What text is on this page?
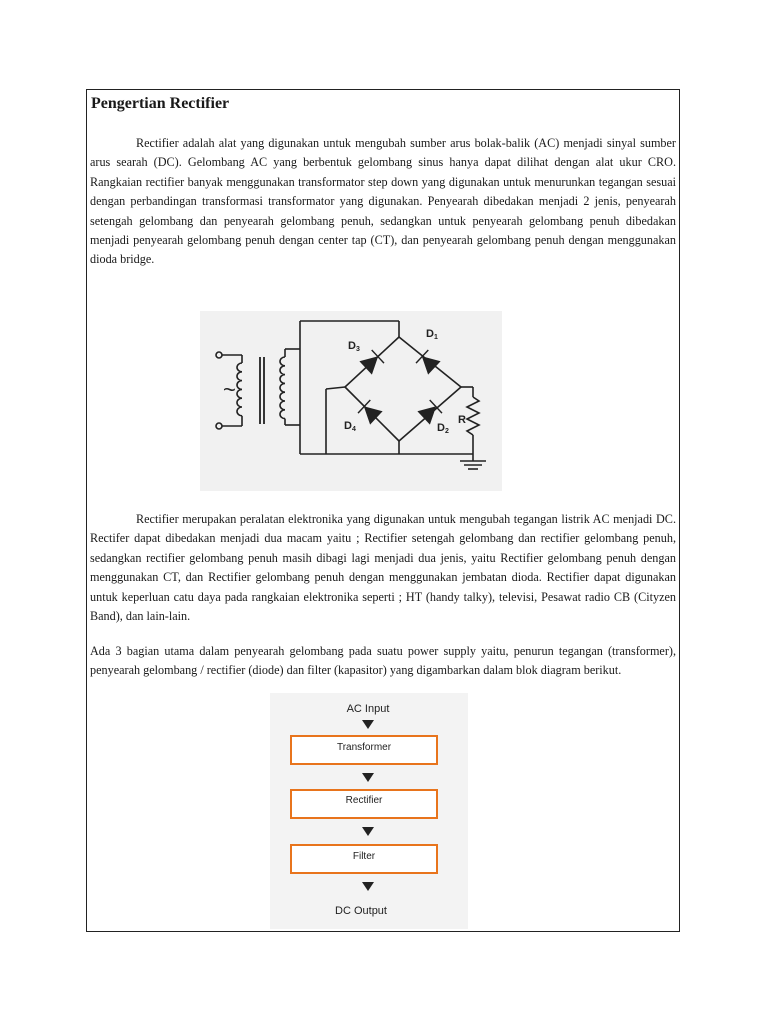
Pengertian Rectifier

Rectifier adalah alat yang digunakan untuk mengubah sumber arus bolak-balik (AC) menjadi sinyal sumber arus searah (DC). Gelombang AC yang berbentuk gelombang sinus hanya dapat dilihat dengan alat ukur CRO. Rangkaian rectifier banyak menggunakan transformator step down yang digunakan untuk menurunkan tegangan sesuai dengan perbandingan transformasi transformator yang digunakan. Penyearah dibedakan menjadi 2 jenis, penyearah setengah gelombang dan penyearah gelombang penuh, sedangkan untuk penyearah gelombang penuh dibedakan menjadi penyearah gelombang penuh dengan center tap (CT), dan penyearah gelombang penuh dengan menggunakan dioda bridge.

~
D3
D1
D4	D2
R

Rectifier merupakan peralatan elektronika yang digunakan untuk mengubah tegangan listrik AC menjadi DC. Rectifer dapat dibedakan menjadi dua macam yaitu ; Rectifier setengah gelombang dan rectifier gelombang penuh, sedangkan rectifier gelombang penuh masih dibagi lagi menjadi dua jenis, yaitu Rectifier gelombang penuh dengan menggunakan CT, dan Rectifier gelombang penuh dengan menggunakan jembatan dioda. Rectifier dapat digunakan untuk keperluan catu daya pada rangkaian elektronika seperti ; HT (handy talky), televisi, Pesawat radio CB (Cityzen Band), dan lain-lain.

Ada 3 bagian utama dalam penyearah gelombang pada suatu power supply yaitu, penurun tegangan (transformer), penyearah gelombang / rectifier (diode) dan filter (kapasitor) yang digambarkan dalam blok diagram berikut.

AC Input
Transformer
Rectifier
Filter
DC Output
